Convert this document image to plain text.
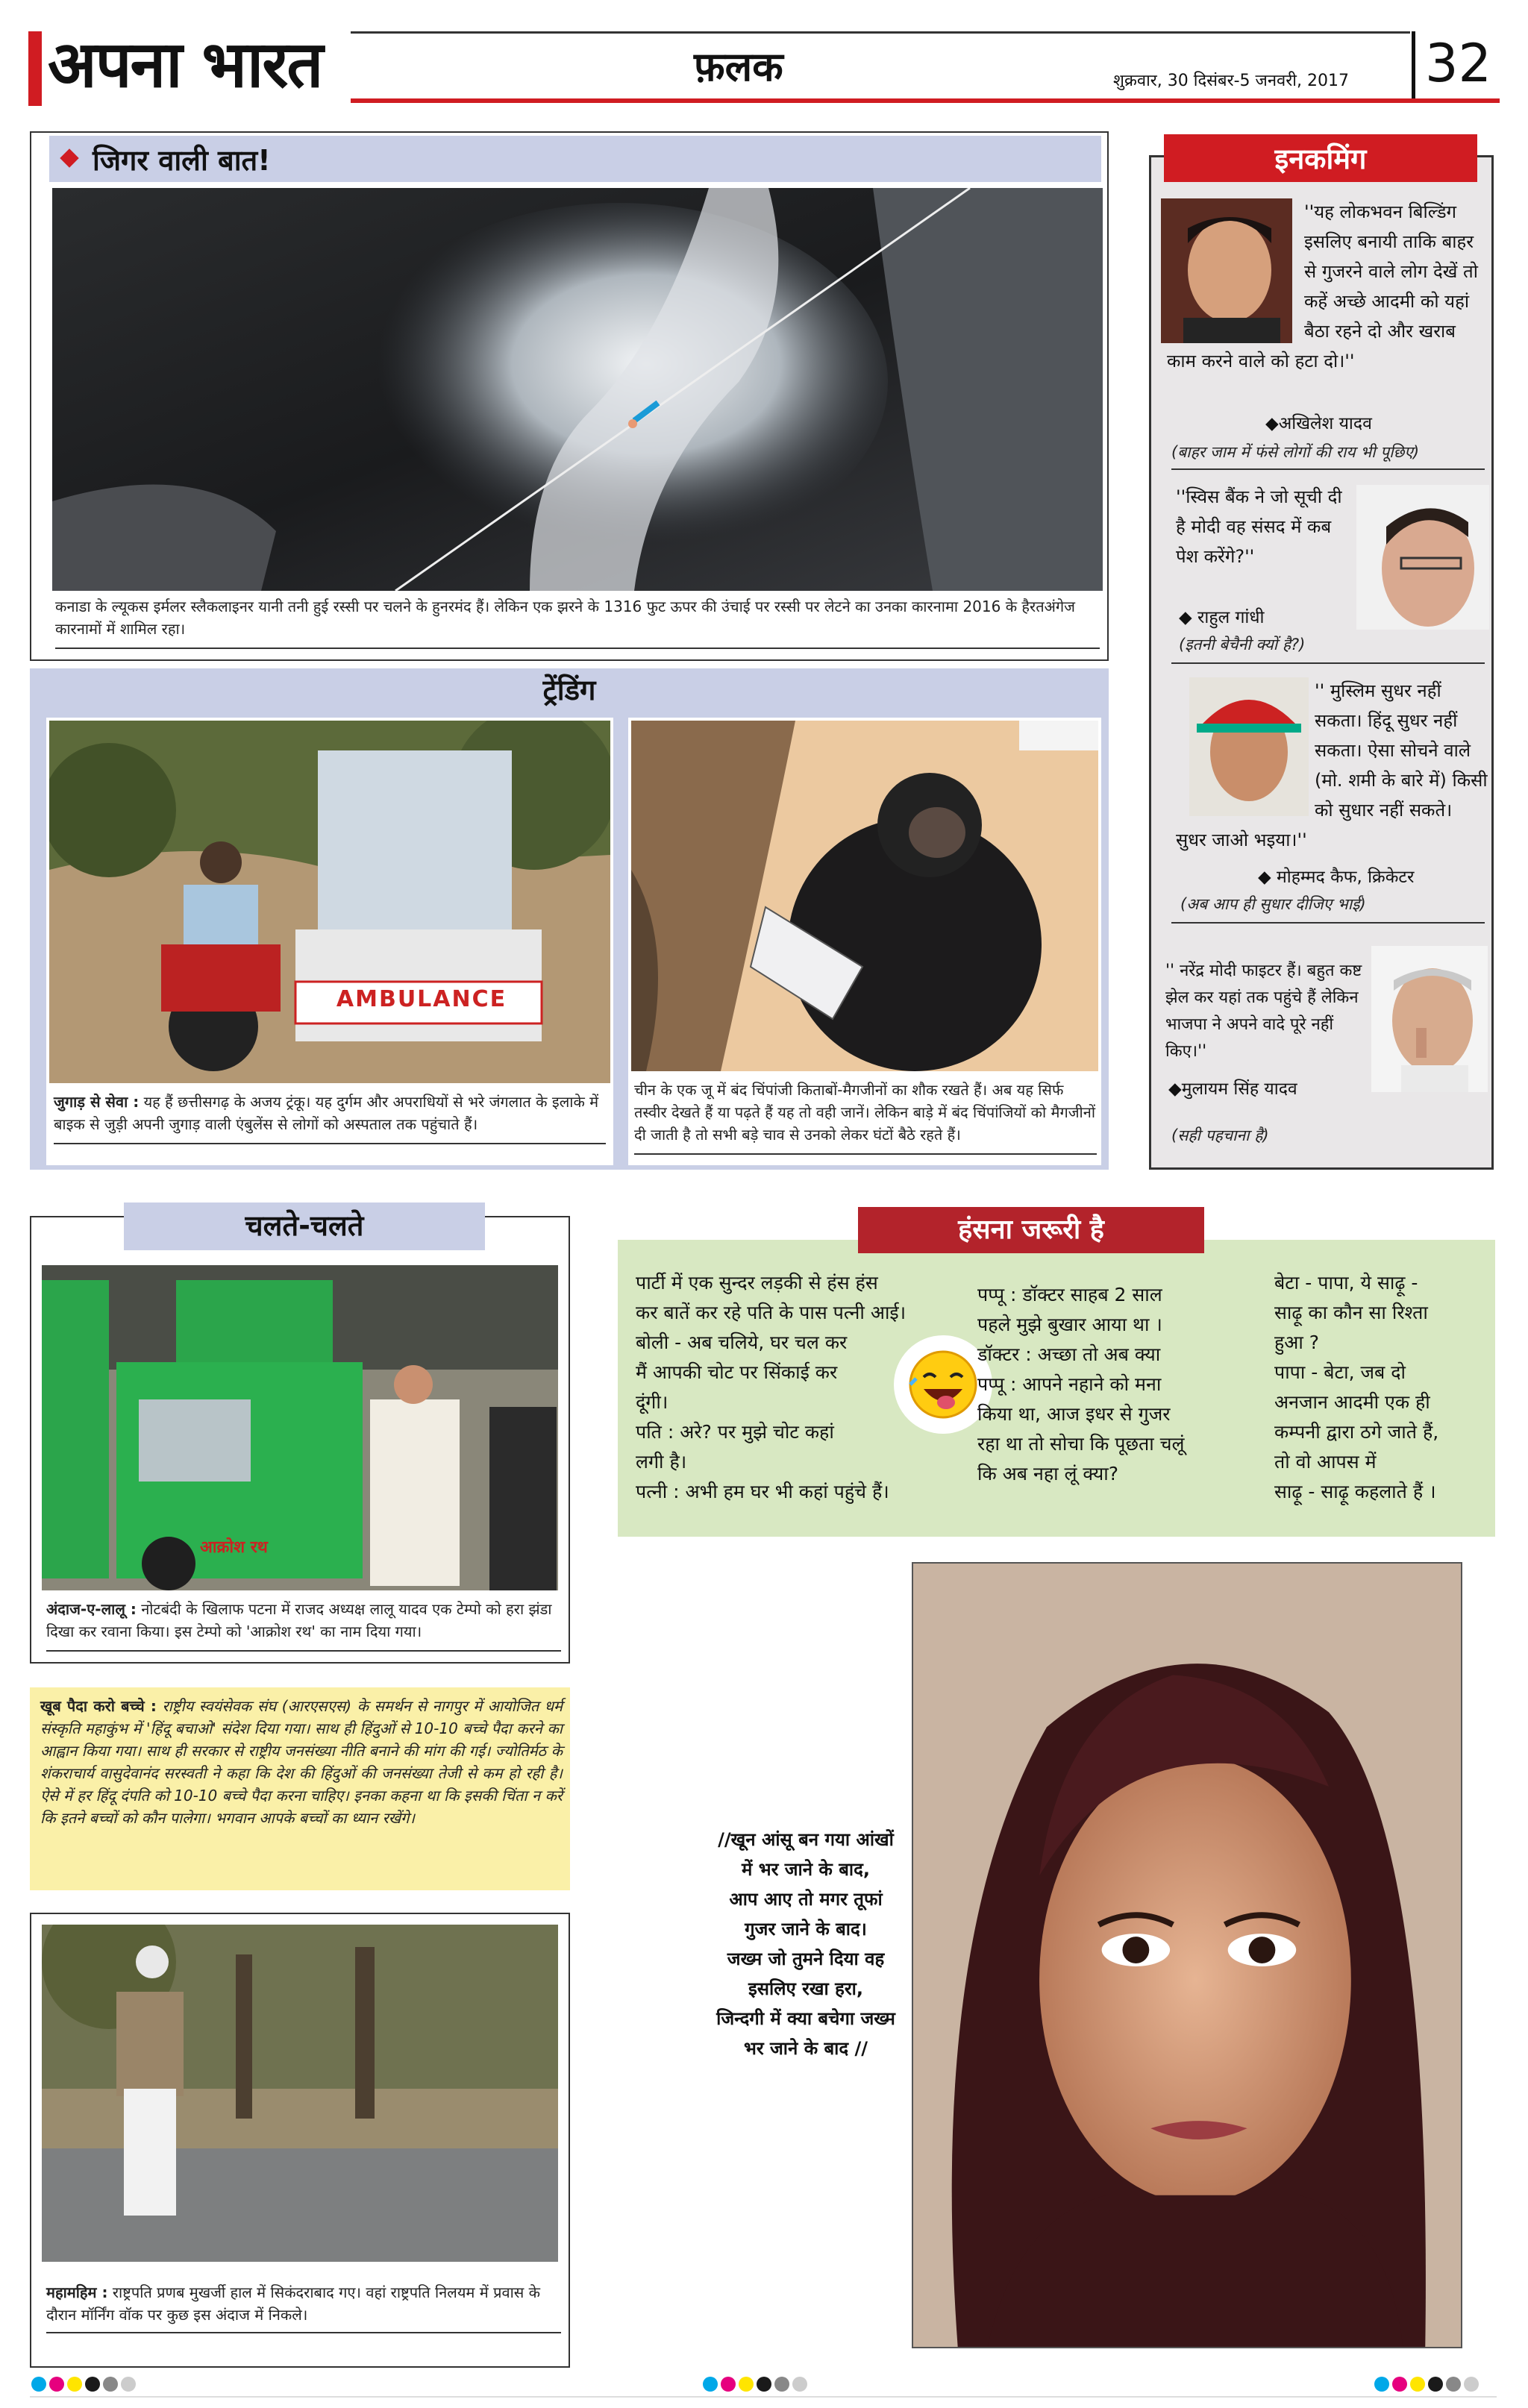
अपना भारत	फ़लक	शुक्रवार, 30 दिसंबर-5 जनवरी, 2017 32
जिगर वाली बात!
कनाडा के ल्यूकस इर्मलर स्लैकलाइनर यानी तनी हुई रस्सी पर चलने के हुनरमंद हैं। लेकिन एक झरने के 1316 फुट ऊपर की उंचाई पर रस्सी पर लेटने का उनका कारनामा 2016 के हैरतअंगेज कारनामों में शामिल रहा।
ट्रेंडिंग
AMBULANCE
जुगाड़ से सेवा : यह हैं छत्तीसगढ़ के अजय ट्रंकू। यह दुर्गम और अपराधियों से भरे जंगलात के इलाके में बाइक से जुड़ी अपनी जुगाड़ वाली एंबुलेंस से लोगों को अस्पताल तक पहुंचाते हैं।
चीन के एक जू में बंद चिंपांजी किताबों-मैगजीनों का शौक रखते हैं। अब यह सिर्फ तस्वीर देखते हैं या पढ़ते हैं यह तो वही जानें। लेकिन बाड़े में बंद चिंपांजियों को मैगजीनों दी जाती है तो सभी बड़े चाव से उनको लेकर घंटों बैठे रहते हैं।
इनकमिंग
''यह लोकभवन बिल्डिंग इसलिए बनायी ताकि बाहर से गुजरने वाले लोग देखें तो कहें अच्छे आदमी को यहां बैठा रहने दो और खराब काम करने वाले को हटा दो।''
◆अखिलेश यादव
(बाहर जाम में फंसे लोगों की राय भी पूछिए)
''स्विस बैंक ने जो सूची दी है मोदी वह संसद में कब पेश करेंगे?''
◆ राहुल गांधी
(इतनी बेचैनी क्यों है?)
'' मुस्लिम सुधर नहीं सकता। हिंदू सुधर नहीं सकता। ऐसा सोचने वाले (मो. शमी के बारे में) किसी को सुधार नहीं सकते। सुधर जाओ भइया।''
◆ मोहम्मद कैफ, क्रिकेटर
(अब आप ही सुधार दीजिए भाई)
'' नरेंद्र मोदी फाइटर हैं। बहुत कष्ट झेल कर यहां तक पहुंचे हैं लेकिन भाजपा ने अपने वादे पूरे नहीं किए।''
◆मुलायम सिंह यादव
(सही पहचाना है)
चलते-चलते
आक्रोश रथ
अंदाज-ए-लालू : नोटबंदी के खिलाफ पटना में राजद अध्यक्ष लालू यादव एक टेम्पो को हरा झंडा दिखा कर रवाना किया। इस टेम्पो को 'आक्रोश रथ' का नाम दिया गया।
खूब पैदा करो बच्चे : राष्ट्रीय स्वयंसेवक संघ (आरएसएस) के समर्थन से नागपुर में आयोजित धर्म संस्कृति महाकुंभ में 'हिंदू बचाओ' संदेश दिया गया। साथ ही हिंदुओं से 10-10 बच्चे पैदा करने का आह्वान किया गया। साथ ही सरकार से राष्ट्रीय जनसंख्या नीति बनाने की मांग की गई। ज्योतिर्मठ के शंकराचार्य वासुदेवानंद सरस्वती ने कहा कि देश की हिंदुओं की जनसंख्या तेजी से कम हो रही है। ऐसे में हर हिंदू दंपति को 10-10 बच्चे पैदा करना चाहिए। इनका कहना था कि इसकी चिंता न करें कि इतने बच्चों को कौन पालेगा। भगवान आपके बच्चों का ध्यान रखेंगे।
महामहिम : राष्ट्रपति प्रणब मुखर्जी हाल में सिकंदराबाद गए। वहां राष्ट्रपति निलयम में प्रवास के दौरान मॉर्निंग वॉक पर कुछ इस अंदाज में निकले।
हंसना जरूरी है
पार्टी में एक सुन्दर लड़की से हंस हंस
कर बातें कर रहे पति के पास पत्नी आई।
बोली - अब चलिये, घर चल कर
मैं आपकी चोट पर सिंकाई कर
दूंगी।
पति : अरे? पर मुझे चोट कहां
लगी है।
पत्नी : अभी हम घर भी कहां पहुंचे हैं।
पप्पू : डॉक्टर साहब 2 साल
पहले मुझे बुखार आया था ।
डॉक्टर : अच्छा तो अब क्या
पप्पू : आपने नहाने को मना
किया था, आज इधर से गुजर
रहा था तो सोचा कि पूछता चलूं
कि अब नहा लूं क्या?
बेटा - पापा, ये साढ़ू -
साढ़ू का कौन सा रिश्ता
हुआ ?
पापा - बेटा, जब दो
अनजान आदमी एक ही
कम्पनी द्वारा ठगे जाते हैं,
तो वो आपस में
साढ़ू - साढ़ू कहलाते हैं ।
//खून आंसू बन गया आंखों
में भर जाने के बाद,
आप आए तो मगर तूफां
गुजर जाने के बाद।
जख्म जो तुमने दिया वह
इसलिए रखा हरा,
जिन्दगी में क्या बचेगा जख्म
भर जाने के बाद //
